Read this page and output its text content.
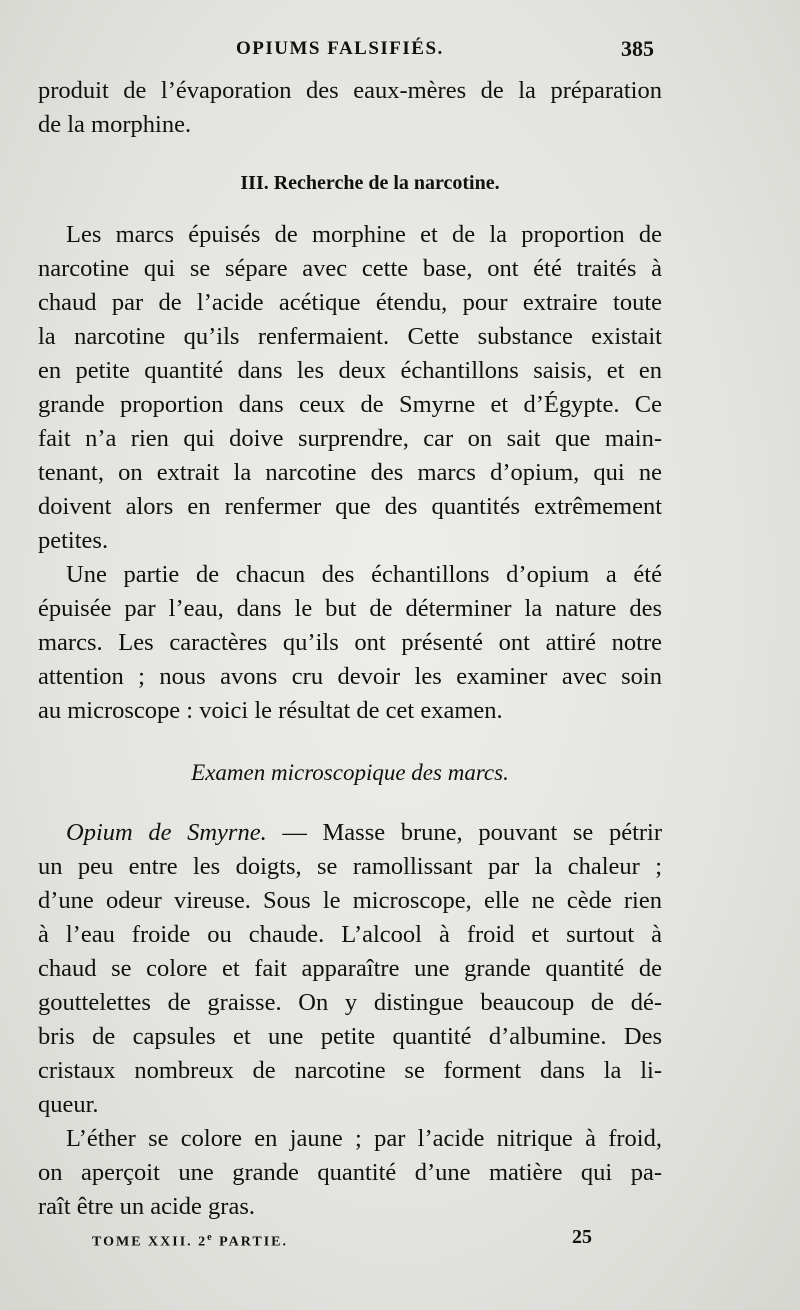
OPIUMS FALSIFIÉS.	385

produit de l’évaporation des eaux-mères de la préparation
de la morphine.

III. Recherche de la narcotine.

Les marcs épuisés de morphine et de la proportion de
narcotine qui se sépare avec cette base, ont été traités à
chaud par de l’acide acétique étendu, pour extraire toute
la narcotine qu’ils renfermaient. Cette substance existait
en petite quantité dans les deux échantillons saisis, et en
grande proportion dans ceux de Smyrne et d’Égypte. Ce
fait n’a rien qui doive surprendre, car on sait que main-
tenant, on extrait la narcotine des marcs d’opium, qui ne
doivent alors en renfermer que des quantités extrêmement
petites.

Une partie de chacun des échantillons d’opium a été
épuisée par l’eau, dans le but de déterminer la nature des
marcs. Les caractères qu’ils ont présenté ont attiré notre
attention ; nous avons cru devoir les examiner avec soin
au microscope : voici le résultat de cet examen.

Examen microscopique des marcs.

Opium de Smyrne. — Masse brune, pouvant se pétrir
un peu entre les doigts, se ramollissant par la chaleur ;
d’une odeur vireuse. Sous le microscope, elle ne cède rien
à l’eau froide ou chaude. L’alcool à froid et surtout à
chaud se colore et fait apparaître une grande quantité de
gouttelettes de graisse. On y distingue beaucoup de dé-
bris de capsules et une petite quantité d’albumine. Des
cristaux nombreux de narcotine se forment dans la li-
queur.

L’éther se colore en jaune ; par l’acide nitrique à froid,
on aperçoit une grande quantité d’une matière qui pa-
raît être un acide gras.

TOME XXII. 2e PARTIE.	25
